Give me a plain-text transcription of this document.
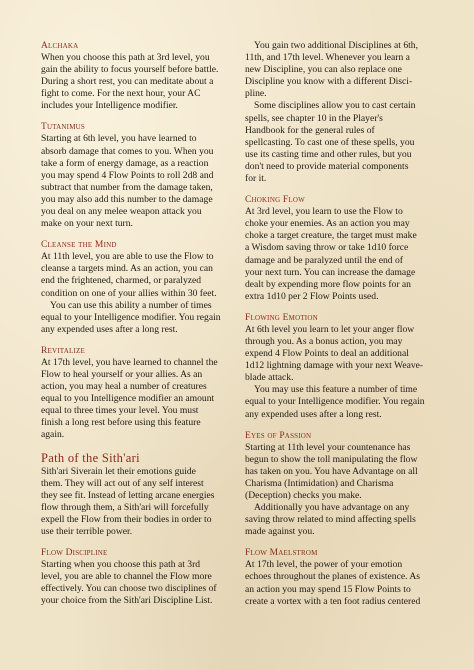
Alchaka
When you choose this path at 3rd level, you
gain the ability to focus yourself before battle.
During a short rest, you can meditate about a
fight to come. For the next hour, your AC
includes your Intelligence modifier.
Tutanimus
Starting at 6th level, you have learned to
absorb damage that comes to you. When you
take a form of energy damage, as a reaction
you may spend 4 Flow Points to roll 2d8 and
subtract that number from the damage taken,
you may also add this number to the damage
you deal on any melee weapon attack you
make on your next turn.
Cleanse the Mind
At 11th level, you are able to use the Flow to
cleanse a targets mind. As an action, you can
end the frightened, charmed, or paralyzed
condition on one of your allies within 30 feet.
You can use this ability a number of times
equal to your Intelligence modifier. You regain
any expended uses after a long rest.
Revitalize
At 17th level, you have learned to channel the
Flow to heal yourself or your allies. As an
action, you may heal a number of creatures
equal to you Intelligence modifier an amount
equal to three times your level. You must
finish a long rest before using this feature
again.
Path of the Sith'ari
Sith'ari Siverain let their emotions guide
them. They will act out of any self interest
they see fit. Instead of letting arcane energies
flow through them, a Sith'ari will forcefully
expell the Flow from their bodies in order to
use their terrible power.
Flow Discipline
Starting when you choose this path at 3rd
level, you are able to channel the Flow more
effectively. You can choose two disciplines of
your choice from the Sith'ari Discipline List.
You gain two additional Disciplines at 6th,
11th, and 17th level. Whenever you learn a
new Discipline, you can also replace one
Discipline you know with a different Disci-
pline.
Some disciplines allow you to cast certain
spells, see chapter 10 in the Player's
Handbook for the general rules of
spellcasting. To cast one of these spells, you
use its casting time and other rules, but you
don't need to provide material components
for it.
Choking Flow
At 3rd level, you learn to use the Flow to
choke your enemies. As an action you may
choke a target creature, the target must make
a Wisdom saving throw or take 1d10 force
damage and be paralyzed until the end of
your next turn. You can increase the damage
dealt by expending more flow points for an
extra 1d10 per 2 Flow Points used.
Flowing Emotion
At 6th level you learn to let your anger flow
through you. As a bonus action, you may
expend 4 Flow Points to deal an additional
1d12 lightning damage with your next Weave-
blade attack.
You may use this feature a number of time
equal to your Intelligence modifier. You regain
any expended uses after a long rest.
Eyes of Passion
Starting at 11th level your countenance has
begun to show the toll manipulating the flow
has taken on you. You have Advantage on all
Charisma (Intimidation) and Charisma
(Deception) checks you make.
Additionally you have advantage on any
saving throw related to mind affecting spells
made against you.
Flow Maelstrom
At 17th level, the power of your emotion
echoes throughout the planes of existence. As
an action you may spend 15 Flow Points to
create a vortex with a ten foot radius centered
